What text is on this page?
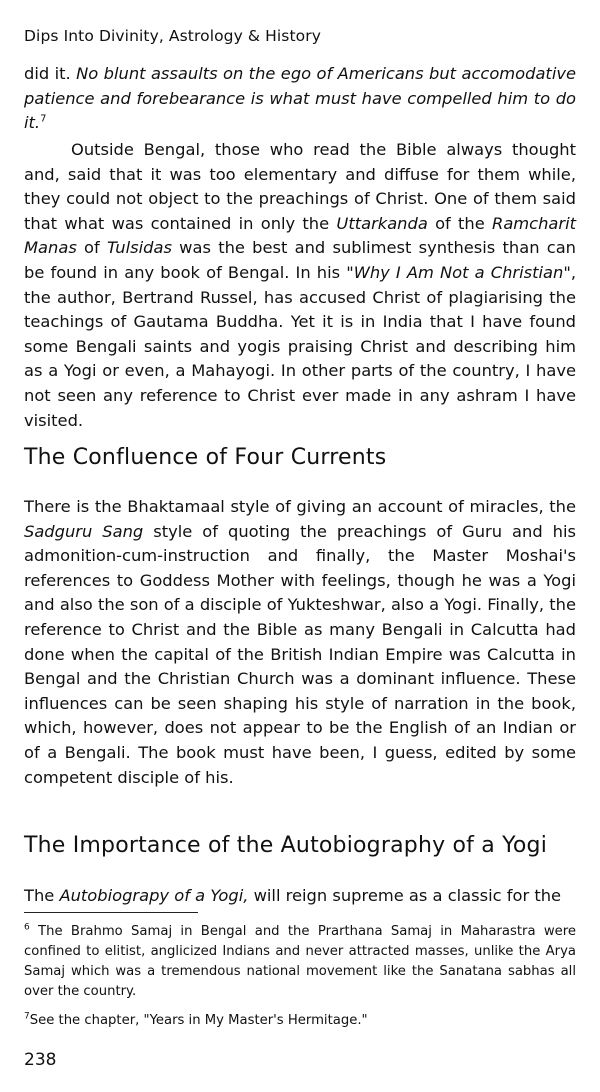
Dips Into Divinity, Astrology & History

did it. No blunt assaults on the ego of Americans but accomodative patience and forebearance is what must have compelled him to do it.$^7$

Outside Bengal, those who read the Bible always thought and, said that it was too elementary and diffuse for them while, they could not object to the preachings of Christ. One of them said that what was contained in only the Uttarkanda of the Ramcharit Manas of Tulsidas was the best and sublimest synthesis than can be found in any book of Bengal. In his "Why I Am Not a Christian", the author, Bertrand Russel, has accused Christ of plagiarising the teachings of Gautama Buddha. Yet it is in India that I have found some Bengali saints and yogis praising Christ and describing him as a Yogi or even, a Mahayogi. In other parts of the country, I have not seen any reference to Christ ever made in any ashram I have visited.

The Confluence of Four Currents

There is the Bhaktamaal style of giving an account of miracles, the Sadguru Sang style of quoting the preachings of Guru and his admonition-cum-instruction and finally, the Master Moshai's references to Goddess Mother with feelings, though he was a Yogi and also the son of a disciple of Yukteshwar, also a Yogi. Finally, the reference to Christ and the Bible as many Bengali in Calcutta had done when the capital of the British Indian Empire was Calcutta in Bengal and the Christian Church was a dominant influence. These influences can be seen shaping his style of narration in the book, which, however, does not appear to be the English of an Indian or of a Bengali. The book must have been, I guess, edited by some competent disciple of his.

The Importance of the Autobiography of a Yogi

The Autobiograpy of a Yogi, will reign supreme as a classic for the

$^6$ The Brahmo Samaj in Bengal and the Prarthana Samaj in Maharastra were confined to elitist, anglicized Indians and never attracted masses, unlike the Arya Samaj which was a tremendous national movement like the Sanatana sabhas all over the country.

$^7$See the chapter, "Years in My Master's Hermitage."

238
